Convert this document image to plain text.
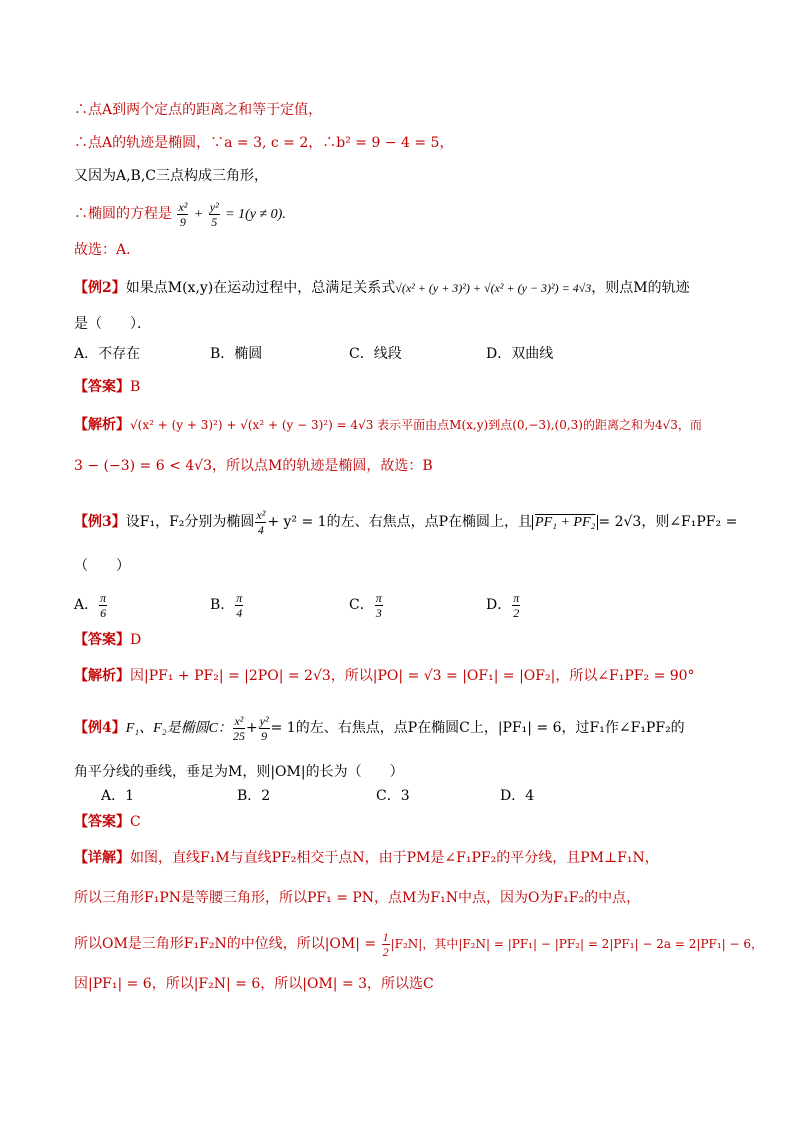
∴点A到两个定点的距离之和等于定值，
∴点A的轨迹是椭圆，∵a = 3, c = 2，∴b² = 9 − 4 = 5，
又因为A,B,C三点构成三角形，
∴椭圆的方程是 $\frac{\text{x²}}{9} + \frac{\text{y²}}{5} = 1(y \ne 0)$.
故选：A．
【例2】如果点M(x,y)在运动过程中，总满足关系式√(x² + (y + 3)²) + √(x² + (y − 3)²) = 4√3，则点M的轨迹
是（　　）．
A．不存在	B．椭圆	C．线段	D．双曲线
【答案】B
【解析】√(x² + (y + 3)²) + √(x² + (y − 3)²) = 4√3 表示平面由点M(x,y)到点(0,−3),(0,3)的距离之和为4√3，而
3 − (−3) = 6 < 4√3，所以点M的轨迹是椭圆，故选：B
【例3】设F₁，F₂分别为椭圆 $\frac{\text{x²}}{4} + y^2 = 1$的左、右焦点，点P在椭圆上，且 PF₁ + PF₂ = 2√3，则∠F₁PF₂ =
（　　）
A． $\frac{\pi}{6}$	B． $\frac{\pi}{4}$	C． $\frac{\pi}{3}$	D． $\frac{\pi}{2}$
【答案】D
【解析】因|PF₁ + PF₂| = |2PO| = 2√3，所以|PO| = √3 = |OF₁| = |OF₂|，所以∠F₁PF₂ = 90°
【例4】F₁、F₂是椭圆C： $\frac{\text{x²}}{25} + \frac{\text{y²}}{9} = 1$的左、右焦点，点P在椭圆C上，|PF₁| = 6，过F₁作∠F₁PF₂的
角平分线的垂线，垂足为M，则|OM|的长为（　　）
A．1	B．2	C．3	D．4
【答案】C
【详解】如图，直线F₁M与直线PF₂相交于点N，由于PM是∠F₁PF₂的平分线，且PM⊥F₁N，
所以三角形F₁PN是等腰三角形，所以PF₁ = PN，点M为F₁N中点，因为O为F₁F₂的中点，
所以OM是三角形F₁F₂N的中位线，所以$|OM| = \frac{1}{2} |F_2N|$，其中|F₂N| = |PF₁| − |PF₂| = 2|PF₁| − 2a = 2|PF₁| − 6，
因|PF₁| = 6，所以|F₂N| = 6，所以|OM| = 3，所以选C
